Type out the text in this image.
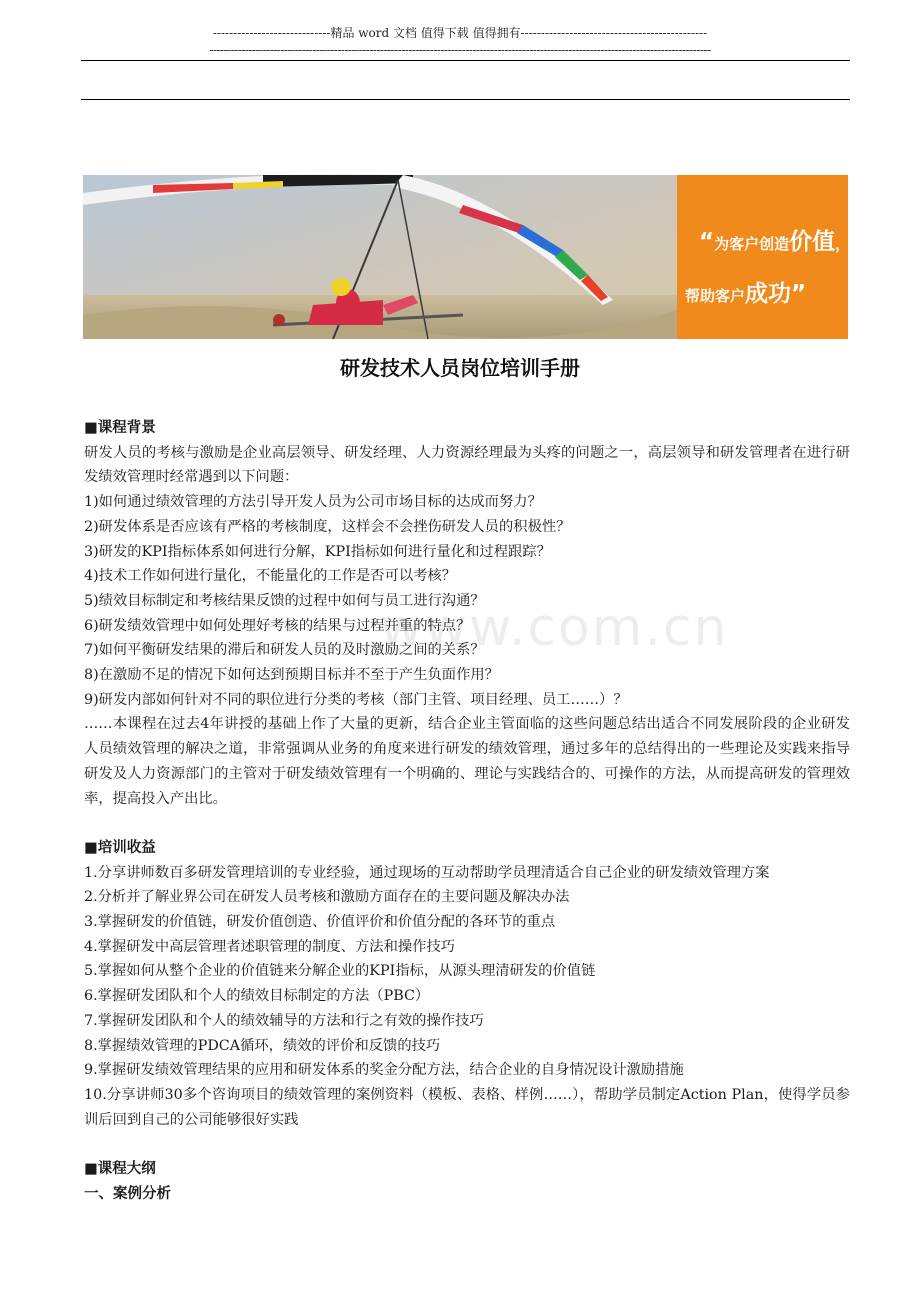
-----------------------------精品 word 文档 值得下载 值得拥有----------------------------------------------
---------------------------------------------------------------------------------------------------------------------------------------------
“为客户创造价值，
帮助客户成功”
研发技术人员岗位培训手册
www.com.cn

■课程背景

研发人员的考核与激励是企业高层领导、研发经理、人力资源经理最为头疼的问题之一，高层领导和研发管理者在进行研发绩效管理时经常遇到以下问题：

1)如何通过绩效管理的方法引导开发人员为公司市场目标的达成而努力？

2)研发体系是否应该有严格的考核制度，这样会不会挫伤研发人员的积极性？

3)研发的KPI指标体系如何进行分解，KPI指标如何进行量化和过程跟踪？

4)技术工作如何进行量化，不能量化的工作是否可以考核？

5)绩效目标制定和考核结果反馈的过程中如何与员工进行沟通？

6)研发绩效管理中如何处理好考核的结果与过程并重的特点？

7)如何平衡研发结果的滞后和研发人员的及时激励之间的关系？

8)在激励不足的情况下如何达到预期目标并不至于产生负面作用？

9)研发内部如何针对不同的职位进行分类的考核（部门主管、项目经理、员工……）？

……本课程在过去4年讲授的基础上作了大量的更新，结合企业主管面临的这些问题总结出适合不同发展阶段的企业研发人员绩效管理的解决之道，非常强调从业务的角度来进行研发的绩效管理，通过多年的总结得出的一些理论及实践来指导研发及人力资源部门的主管对于研发绩效管理有一个明确的、理论与实践结合的、可操作的方法，从而提高研发的管理效率，提高投入产出比。

■培训收益

1.分享讲师数百多研发管理培训的专业经验，通过现场的互动帮助学员理清适合自己企业的研发绩效管理方案

2.分析并了解业界公司在研发人员考核和激励方面存在的主要问题及解决办法

3.掌握研发的价值链，研发价值创造、价值评价和价值分配的各环节的重点

4.掌握研发中高层管理者述职管理的制度、方法和操作技巧

5.掌握如何从整个企业的价值链来分解企业的KPI指标，从源头理清研发的价值链

6.掌握研发团队和个人的绩效目标制定的方法（PBC）

7.掌握研发团队和个人的绩效辅导的方法和行之有效的操作技巧

8.掌握绩效管理的PDCA循环，绩效的评价和反馈的技巧

9.掌握研发绩效管理结果的应用和研发体系的奖金分配方法，结合企业的自身情况设计激励措施

10.分享讲师30多个咨询项目的绩效管理的案例资料（模板、表格、样例……），帮助学员制定Action Plan，使得学员参训后回到自己的公司能够很好实践

■课程大纲

一、案例分析
